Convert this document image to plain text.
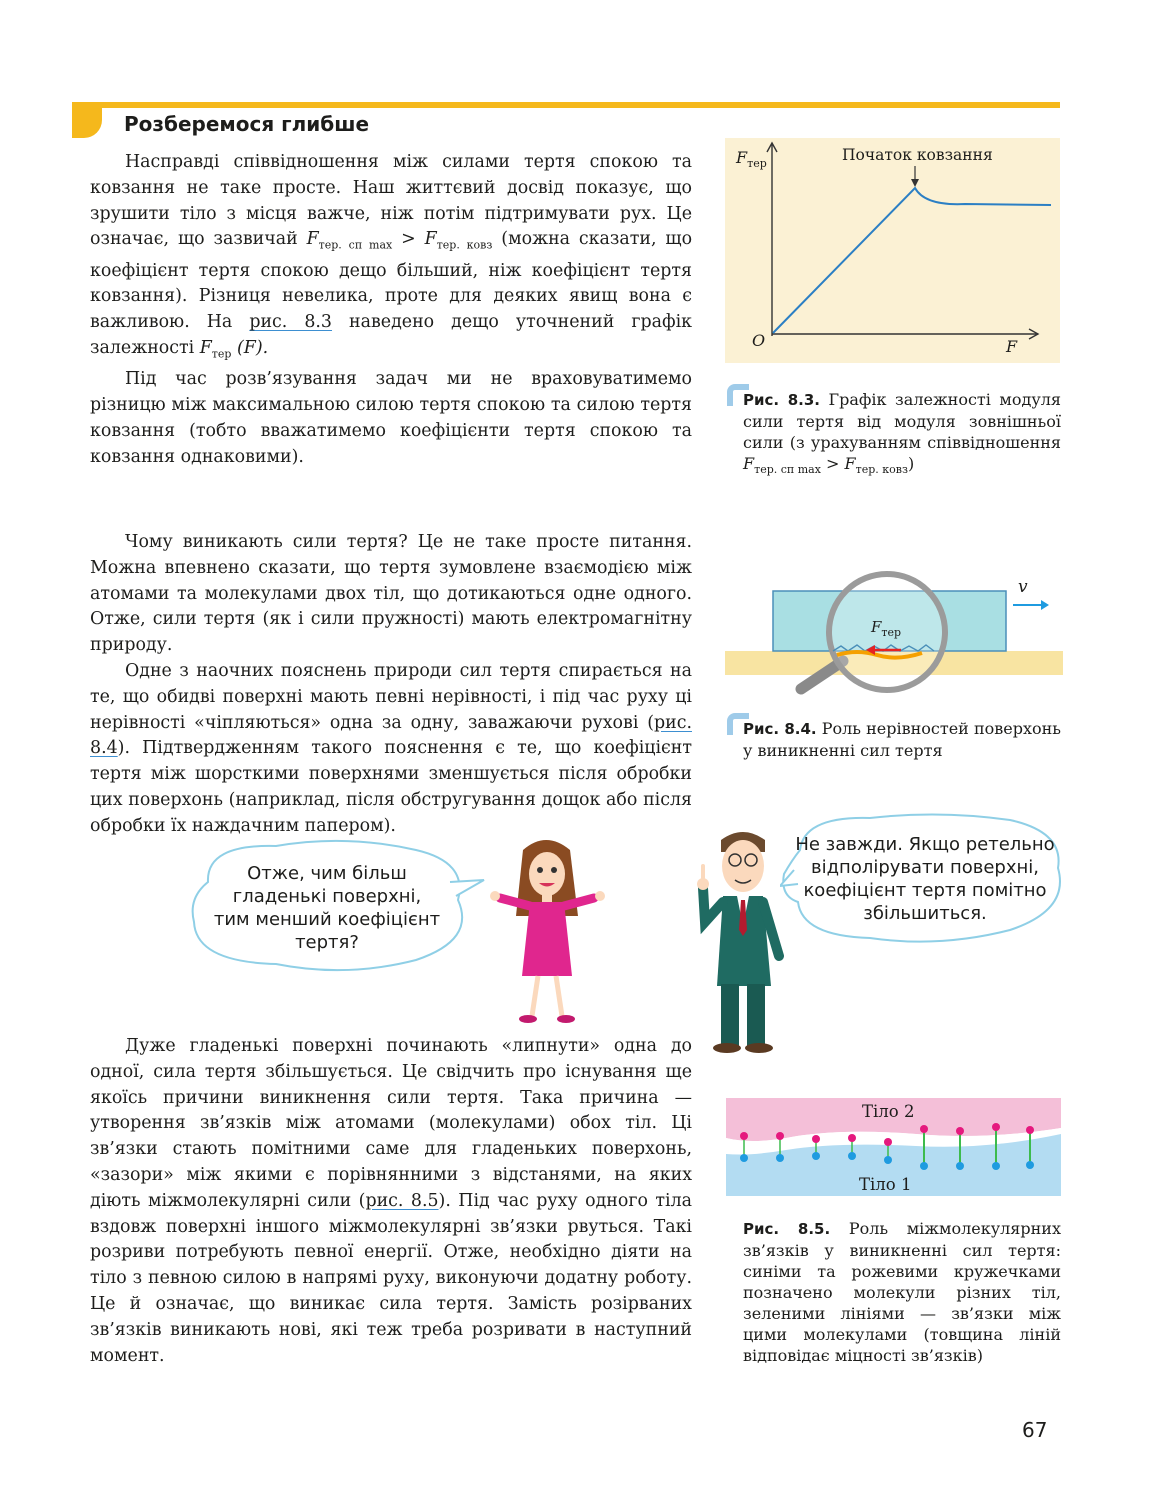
Розберемося глибше

Насправді співвідношення між силами тертя спокою та ковзання не таке просте. Наш життєвий досвід показує, що зрушити тіло з місця важче, ніж потім підтримувати рух. Це означає, що зазвичай $F_{тер. сп max} > F_{тер. ковз}$ (можна сказати, що коефіцієнт тертя спокою дещо більший, ніж коефіцієнт тертя ковзання). Різниця невелика, проте для деяких явищ вона є важливою. На рис. 8.3 наведено дещо уточнений графік залежності $F_{тер}$ (F).

Під час розв’язування задач ми не враховуватимемо різницю між максимальною силою тертя спокою та силою тертя ковзання (тобто вважатимемо коефіцієнти тертя спокою та ковзання однаковими).

Початок ковзання
$F_{тер}$
O	F
Рис. 8.3. Графік залежності модуля сили тертя від модуля зовнішньої сили (з урахуванням співвідношення $F_{тер. сп max} > F_{тер. ковз}$)

Чому виникають сили тертя? Це не таке просте питання. Можна впевнено сказати, що тертя зумовлене взаємодією між атомами та молекулами двох тіл, що дотикаються одне одного. Отже, сили тертя (як і сили пружності) мають електромагнітну природу.

Одне з наочних пояснень природи сил тертя спирається на те, що обидві поверхні мають певні нерівності, і під час руху ці нерівності «чіпляються» одна за одну, заважаючи рухові (рис. 8.4). Підтвердженням такого пояснення є те, що коефіцієнт тертя між шорсткими поверхнями зменшується після обробки цих поверхонь (наприклад, після обстругування дощок або після обробки їх наждачним папером).

v
$F_{тер}$
Рис. 8.4. Роль нерівностей поверхонь у виникненні сил тертя
Отже, чим більш
гладенькі поверхні,
тим менший коефіцієнт
тертя?
Не завжди. Якщо ретельно
відполірувати поверхні,
коефіцієнт тертя помітно
збільшиться.

Дуже гладенькі поверхні починають «липнути» одна до одної, сила тертя збільшується. Це свідчить про існування ще якоїсь причини виникнення сили тертя. Така причина — утворення зв’язків між атомами (молекулами) обох тіл. Ці зв’язки стають помітними саме для гладеньких поверхонь, «зазори» між якими є порівнянними з відстанями, на яких діють міжмолекулярні сили (рис. 8.5). Під час руху одного тіла вздовж поверхні іншого міжмолекулярні зв’язки рвуться. Такі розриви потребують певної енергії. Отже, необхідно діяти на тіло з певною силою в напрямі руху, виконуючи додатну роботу. Це й означає, що виникає сила тертя. Замість розірваних зв’язків виникають нові, які теж треба розривати в наступний момент.

Тіло 2
Тіло 1
Рис. 8.5. Роль міжмолекулярних зв’язків у виникненні сил тертя: синіми та рожевими кружечками позначено молекули різних тіл, зеленими лініями — зв’язки між цими молекулами (товщина ліній відповідає міцності зв’язків)
67
